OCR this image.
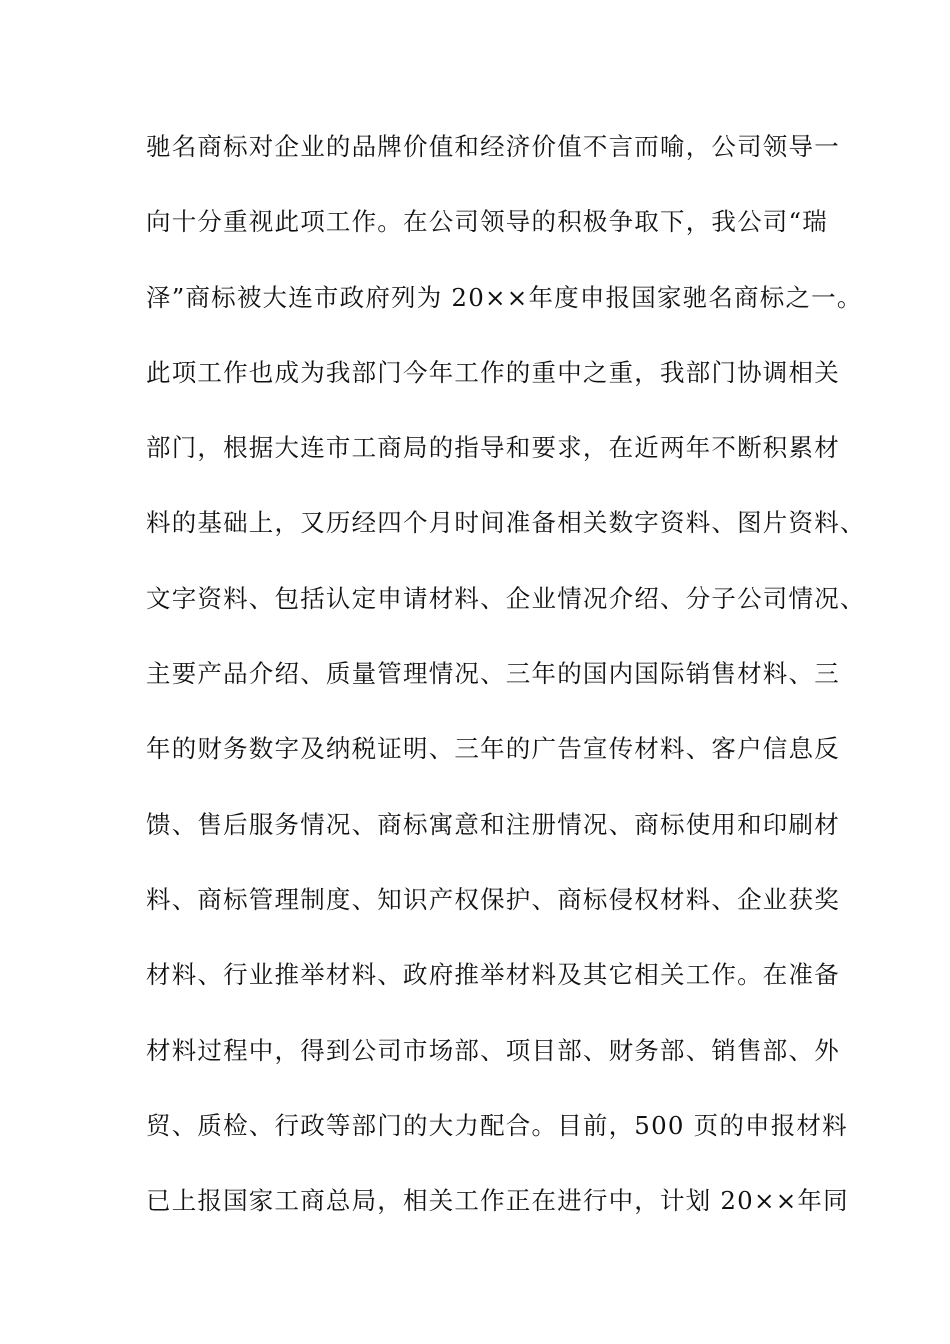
驰名商标对企业的品牌价值和经济价值不言而喻，公司领导一
向十分重视此项工作。在公司领导的积极争取下，我公司“瑞
泽”商标被大连市政府列为 20××年度申报国家驰名商标之一。
此项工作也成为我部门今年工作的重中之重，我部门协调相关
部门，根据大连市工商局的指导和要求，在近两年不断积累材
料的基础上，又历经四个月时间准备相关数字资料、图片资料、
文字资料、包括认定申请材料、企业情况介绍、分子公司情况、
主要产品介绍、质量管理情况、三年的国内国际销售材料、三
年的财务数字及纳税证明、三年的广告宣传材料、客户信息反
馈、售后服务情况、商标寓意和注册情况、商标使用和印刷材
料、商标管理制度、知识产权保护、商标侵权材料、企业获奖
材料、行业推举材料、政府推举材料及其它相关工作。在准备
材料过程中，得到公司市场部、项目部、财务部、销售部、外
贸、质检、行政等部门的大力配合。目前，500 页的申报材料
已上报国家工商总局，相关工作正在进行中，计划 20××年同
